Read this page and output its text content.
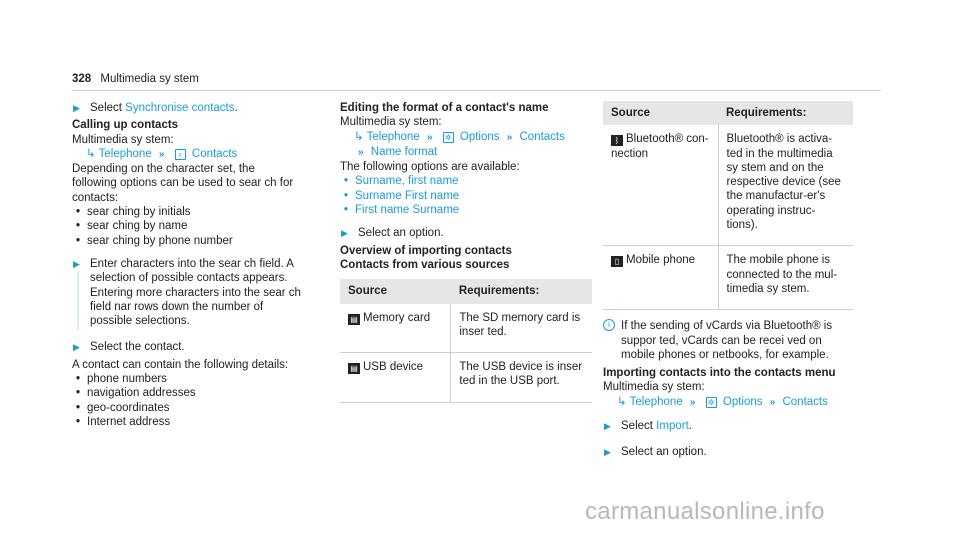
328 Multimedia sy stem
▶ Select Synchronise contacts.
Calling up contacts
Multimedia sy stem:
↳ Telephone » ⌕ Contacts
Depending on the character set, the following options can be used to sear ch for contacts:
• sear ching by initials
• sear ching by name
• sear ching by phone number
▶ Enter characters into the sear ch field. A selection of possible contacts appears. Entering more characters into the sear ch field nar rows down the number of possible selections.
▶ Select the contact.
A contact can contain the following details:
• phone numbers
• navigation addresses
• geo-coordinates
• Internet address
Editing the format of a contact's name
Multimedia sy stem:
↳ Telephone » ✲ Options » Contacts
» Name format
The following options are available:
• Surname, first name
• Surname First name
• First name Surname
▶ Select an option.
Overview of importing contacts
Contacts from various sources
Source	Requirements:
▤ Memory card	The SD memory card is inser ted.
▤ USB device	The USB device is inser ted in the USB port.
Source	Requirements:
ᛒ Bluetooth® con-nection	Bluetooth® is activa-ted in the multimedia sy stem and on the respective device (see the manufactur-er's operating instruc-tions).
▯ Mobile phone	The mobile phone is connected to the mul-timedia sy stem.
i If the sending of vCards via Bluetooth® is suppor ted, vCards can be recei ved on mobile phones or netbooks, for example.
Importing contacts into the contacts menu
Multimedia sy stem:
↳ Telephone » ✲ Options » Contacts
▶ Select Import.
▶ Select an option.
carmanualsonline.info
